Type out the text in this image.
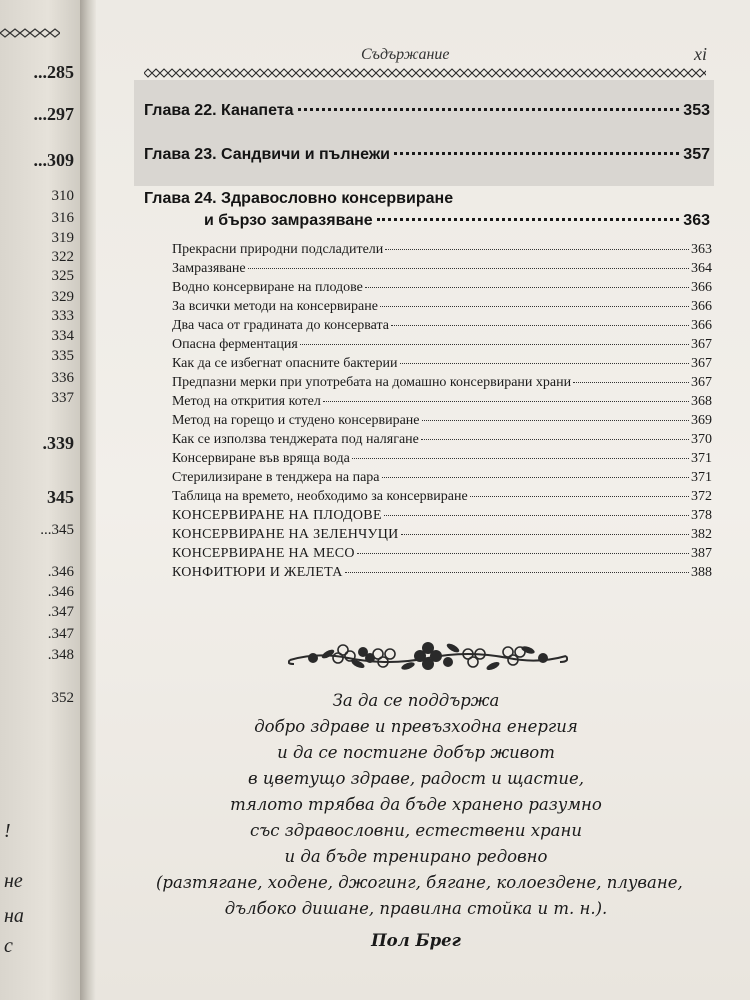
...285
...297
...309
310
316
319
322
325
329
333
334
335
336
337
.339
345
...345
.346
.346
.347
.347
.348
352
!
не
на
с
Съдържание	xi
Глава 22. Канапета	353
Глава 23. Сандвичи и пълнежи	357
Глава 24. Здравословно консервиране
и бързо замразяване	363
Прекрасни природни подсладители	363
Замразяване	364
Водно консервиране на плодове	366
За всички методи на консервиране	366
Два часа от градината до консервата	366
Опасна ферментация	367
Как да се избегнат опасните бактерии	367
Предпазни мерки при употребата на домашно консервирани храни	367
Метод на открития котел	368
Метод на горещо и студено консервиране	369
Как се използва тенджерата под налягане	370
Консервиране във вряща вода	371
Стерилизиране в тенджера на пара	371
Таблица на времето, необходимо за консервиране	372
КОНСЕРВИРАНЕ НА ПЛОДОВЕ	378
КОНСЕРВИРАНЕ НА ЗЕЛЕНЧУЦИ	382
КОНСЕРВИРАНЕ НА МЕСО	387
КОНФИТЮРИ И ЖЕЛЕТА	388
За да се поддържа
добро здраве и превъзходна енергия
и да се постигне добър живот
в цветущо здраве, радост и щастие,
тялото трябва да бъде хранено разумно
със здравословни, естествени храни
и да бъде тренирано редовно
(разтягане, ходене, джогинг, бягане, колоездене, плуване,
дълбоко дишане, правилна стойка и т. н.).
Пол Брег
